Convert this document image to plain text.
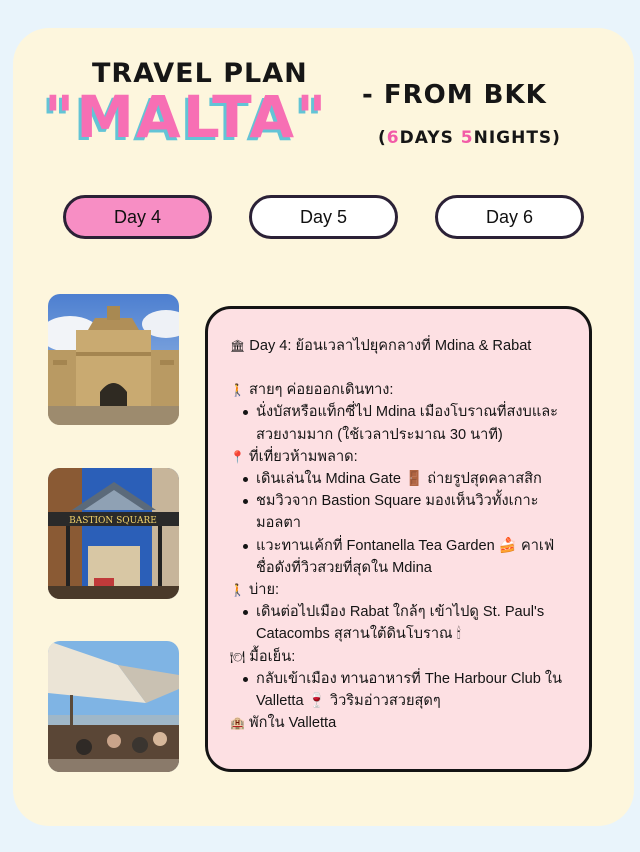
TRAVEL PLAN
"MALTA" - FROM BKK
(6DAYS 5NIGHTS)
Day 4	Day 5	Day 6
BASTION SQUARE

🏛 Day 4: ย้อนเวลาไปยุคกลางที่ Mdina & Rabat

🚶 สายๆ ค่อยออกเดินทาง:

นั่งบัสหรือแท็กซี่ไป Mdina เมืองโบราณที่สงบและสวยงามมาก (ใช้เวลาประมาณ 30 นาที)

📍 ที่เที่ยวห้ามพลาด:

เดินเล่นใน Mdina Gate 🚪 ถ่ายรูปสุดคลาสสิก
ชมวิวจาก Bastion Square มองเห็นวิวทั้งเกาะมอลตา
แวะทานเค้กที่ Fontanella Tea Garden 🍰 คาเฟ่ชื่อดังที่วิวสวยที่สุดใน Mdina

🚶 บ่าย:

เดินต่อไปเมือง Rabat ใกล้ๆ เข้าไปดู St. Paul's Catacombs สุสานใต้ดินโบราณ 🕯

🍽 มื้อเย็น:

กลับเข้าเมือง ทานอาหารที่ The Harbour Club ใน Valletta 🍷 วิวริมอ่าวสวยสุดๆ

🏨 พักใน Valletta
